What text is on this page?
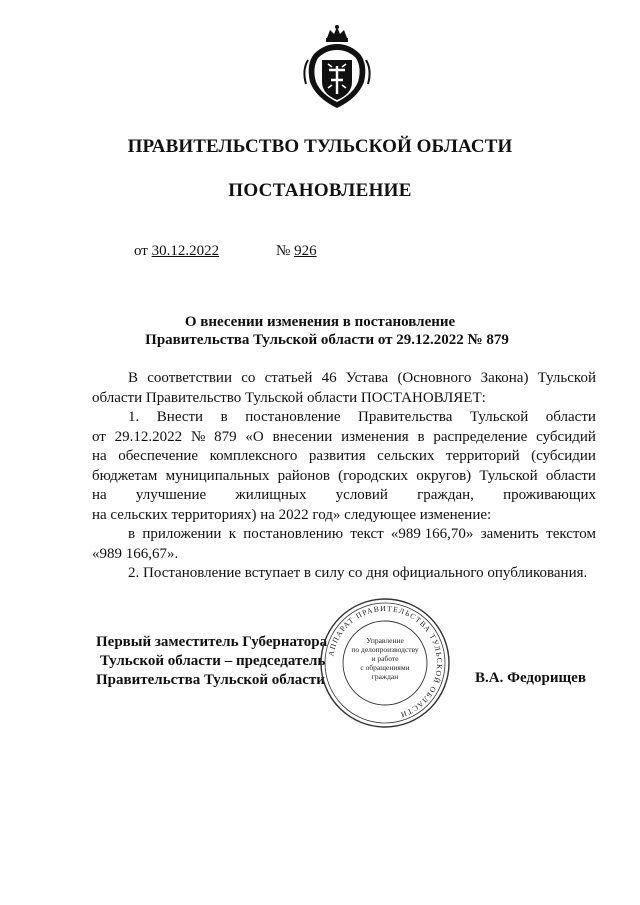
ПРАВИТЕЛЬСТВО ТУЛЬСКОЙ ОБЛАСТИ
ПОСТАНОВЛЕНИЕ
от 30.12.2022	№ 926
О внесении изменения в постановление
Правительства Тульской области от 29.12.2022 № 879
В соответствии со статьей 46 Устава (Основного Закона) Тульской
области Правительство Тульской области ПОСТАНОВЛЯЕТ:
1. Внести в постановление Правительства Тульской области
от 29.12.2022 № 879 «О внесении изменения в распределение субсидий
на обеспечение комплексного развития сельских территорий (субсидии
бюджетам муниципальных районов (городских округов) Тульской области
на улучшение жилищных условий граждан, проживающих
на сельских территориях) на 2022 год» следующее изменение:
в приложении к постановлению текст «989 166,70» заменить текстом
«989 166,67».
2. Постановление вступает в силу со дня официального опубликования.
Первый заместитель Губернатора
Тульской области – председатель
Правительства Тульской области	В.А. Федорищев
АППАРАТ ПРАВИТЕЛЬСТВА ТУЛЬСКОЙ ОБЛАСТИ
Управление
по делопроизводству
и работе
с обращениями
граждан
